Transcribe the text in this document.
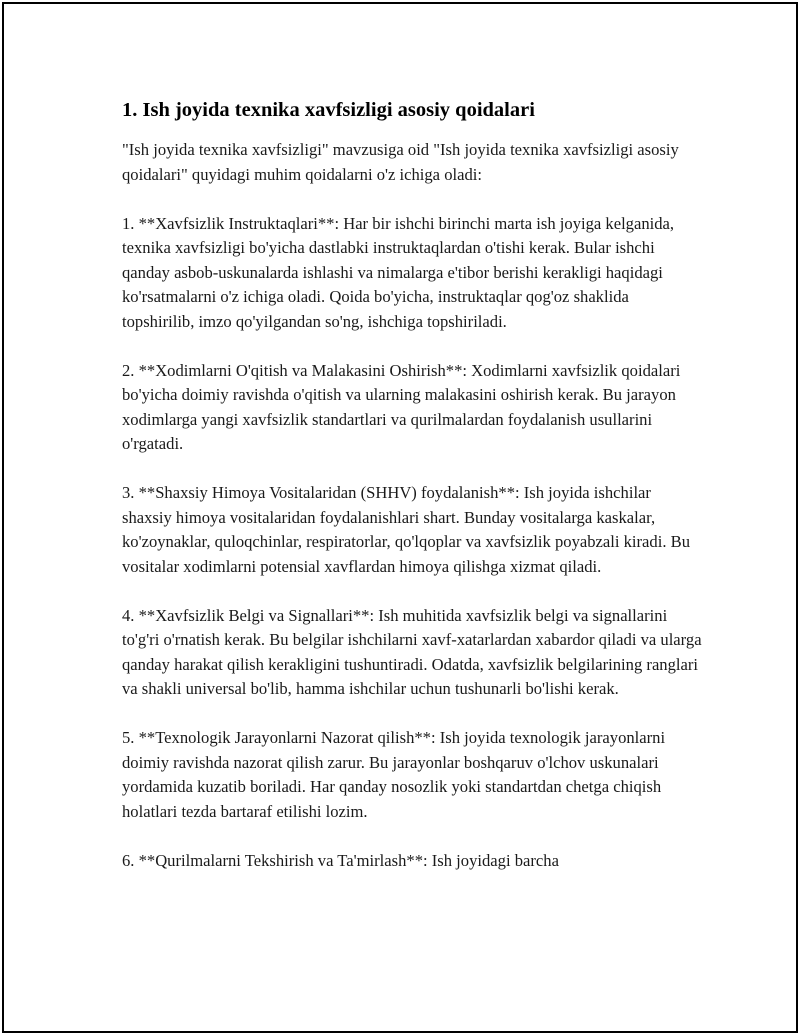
1. Ish joyida texnika xavfsizligi asosiy qoidalari

"Ish joyida texnika xavfsizligi" mavzusiga oid "Ish joyida texnika xavfsizligi asosiy qoidalari" quyidagi muhim qoidalarni o'z ichiga oladi:

1. **Xavfsizlik Instruktaqlari**: Har bir ishchi birinchi marta ish joyiga kelganida, texnika xavfsizligi bo'yicha dastlabki instruktaqlardan o'tishi kerak. Bular ishchi qanday asbob-uskunalarda ishlashi va nimalarga e'tibor berishi kerakligi haqidagi ko'rsatmalarni o'z ichiga oladi. Qoida bo'yicha, instruktaqlar qog'oz shaklida topshirilib, imzo qo'yilgandan so'ng, ishchiga topshiriladi.

2. **Xodimlarni O'qitish va Malakasini Oshirish**: Xodimlarni xavfsizlik qoidalari bo'yicha doimiy ravishda o'qitish va ularning malakasini oshirish kerak. Bu jarayon xodimlarga yangi xavfsizlik standartlari va qurilmalardan foydalanish usullarini o'rgatadi.

3. **Shaxsiy Himoya Vositalaridan (SHHV) foydalanish**: Ish joyida ishchilar shaxsiy himoya vositalaridan foydalanishlari shart. Bunday vositalarga kaskalar, ko'zoynaklar, quloqchinlar, respiratorlar, qo'lqoplar va xavfsizlik poyabzali kiradi. Bu vositalar xodimlarni potensial xavflardan himoya qilishga xizmat qiladi.

4. **Xavfsizlik Belgi va Signallari**: Ish muhitida xavfsizlik belgi va signallarini to'g'ri o'rnatish kerak. Bu belgilar ishchilarni xavf-xatarlardan xabardor qiladi va ularga qanday harakat qilish kerakligini tushuntiradi. Odatda, xavfsizlik belgilarining ranglari va shakli universal bo'lib, hamma ishchilar uchun tushunarli bo'lishi kerak.

5. **Texnologik Jarayonlarni Nazorat qilish**: Ish joyida texnologik jarayonlarni doimiy ravishda nazorat qilish zarur. Bu jarayonlar boshqaruv o'lchov uskunalari yordamida kuzatib boriladi. Har qanday nosozlik yoki standartdan chetga chiqish holatlari tezda bartaraf etilishi lozim.

6. **Qurilmalarni Tekshirish va Ta'mirlash**: Ish joyidagi barcha
